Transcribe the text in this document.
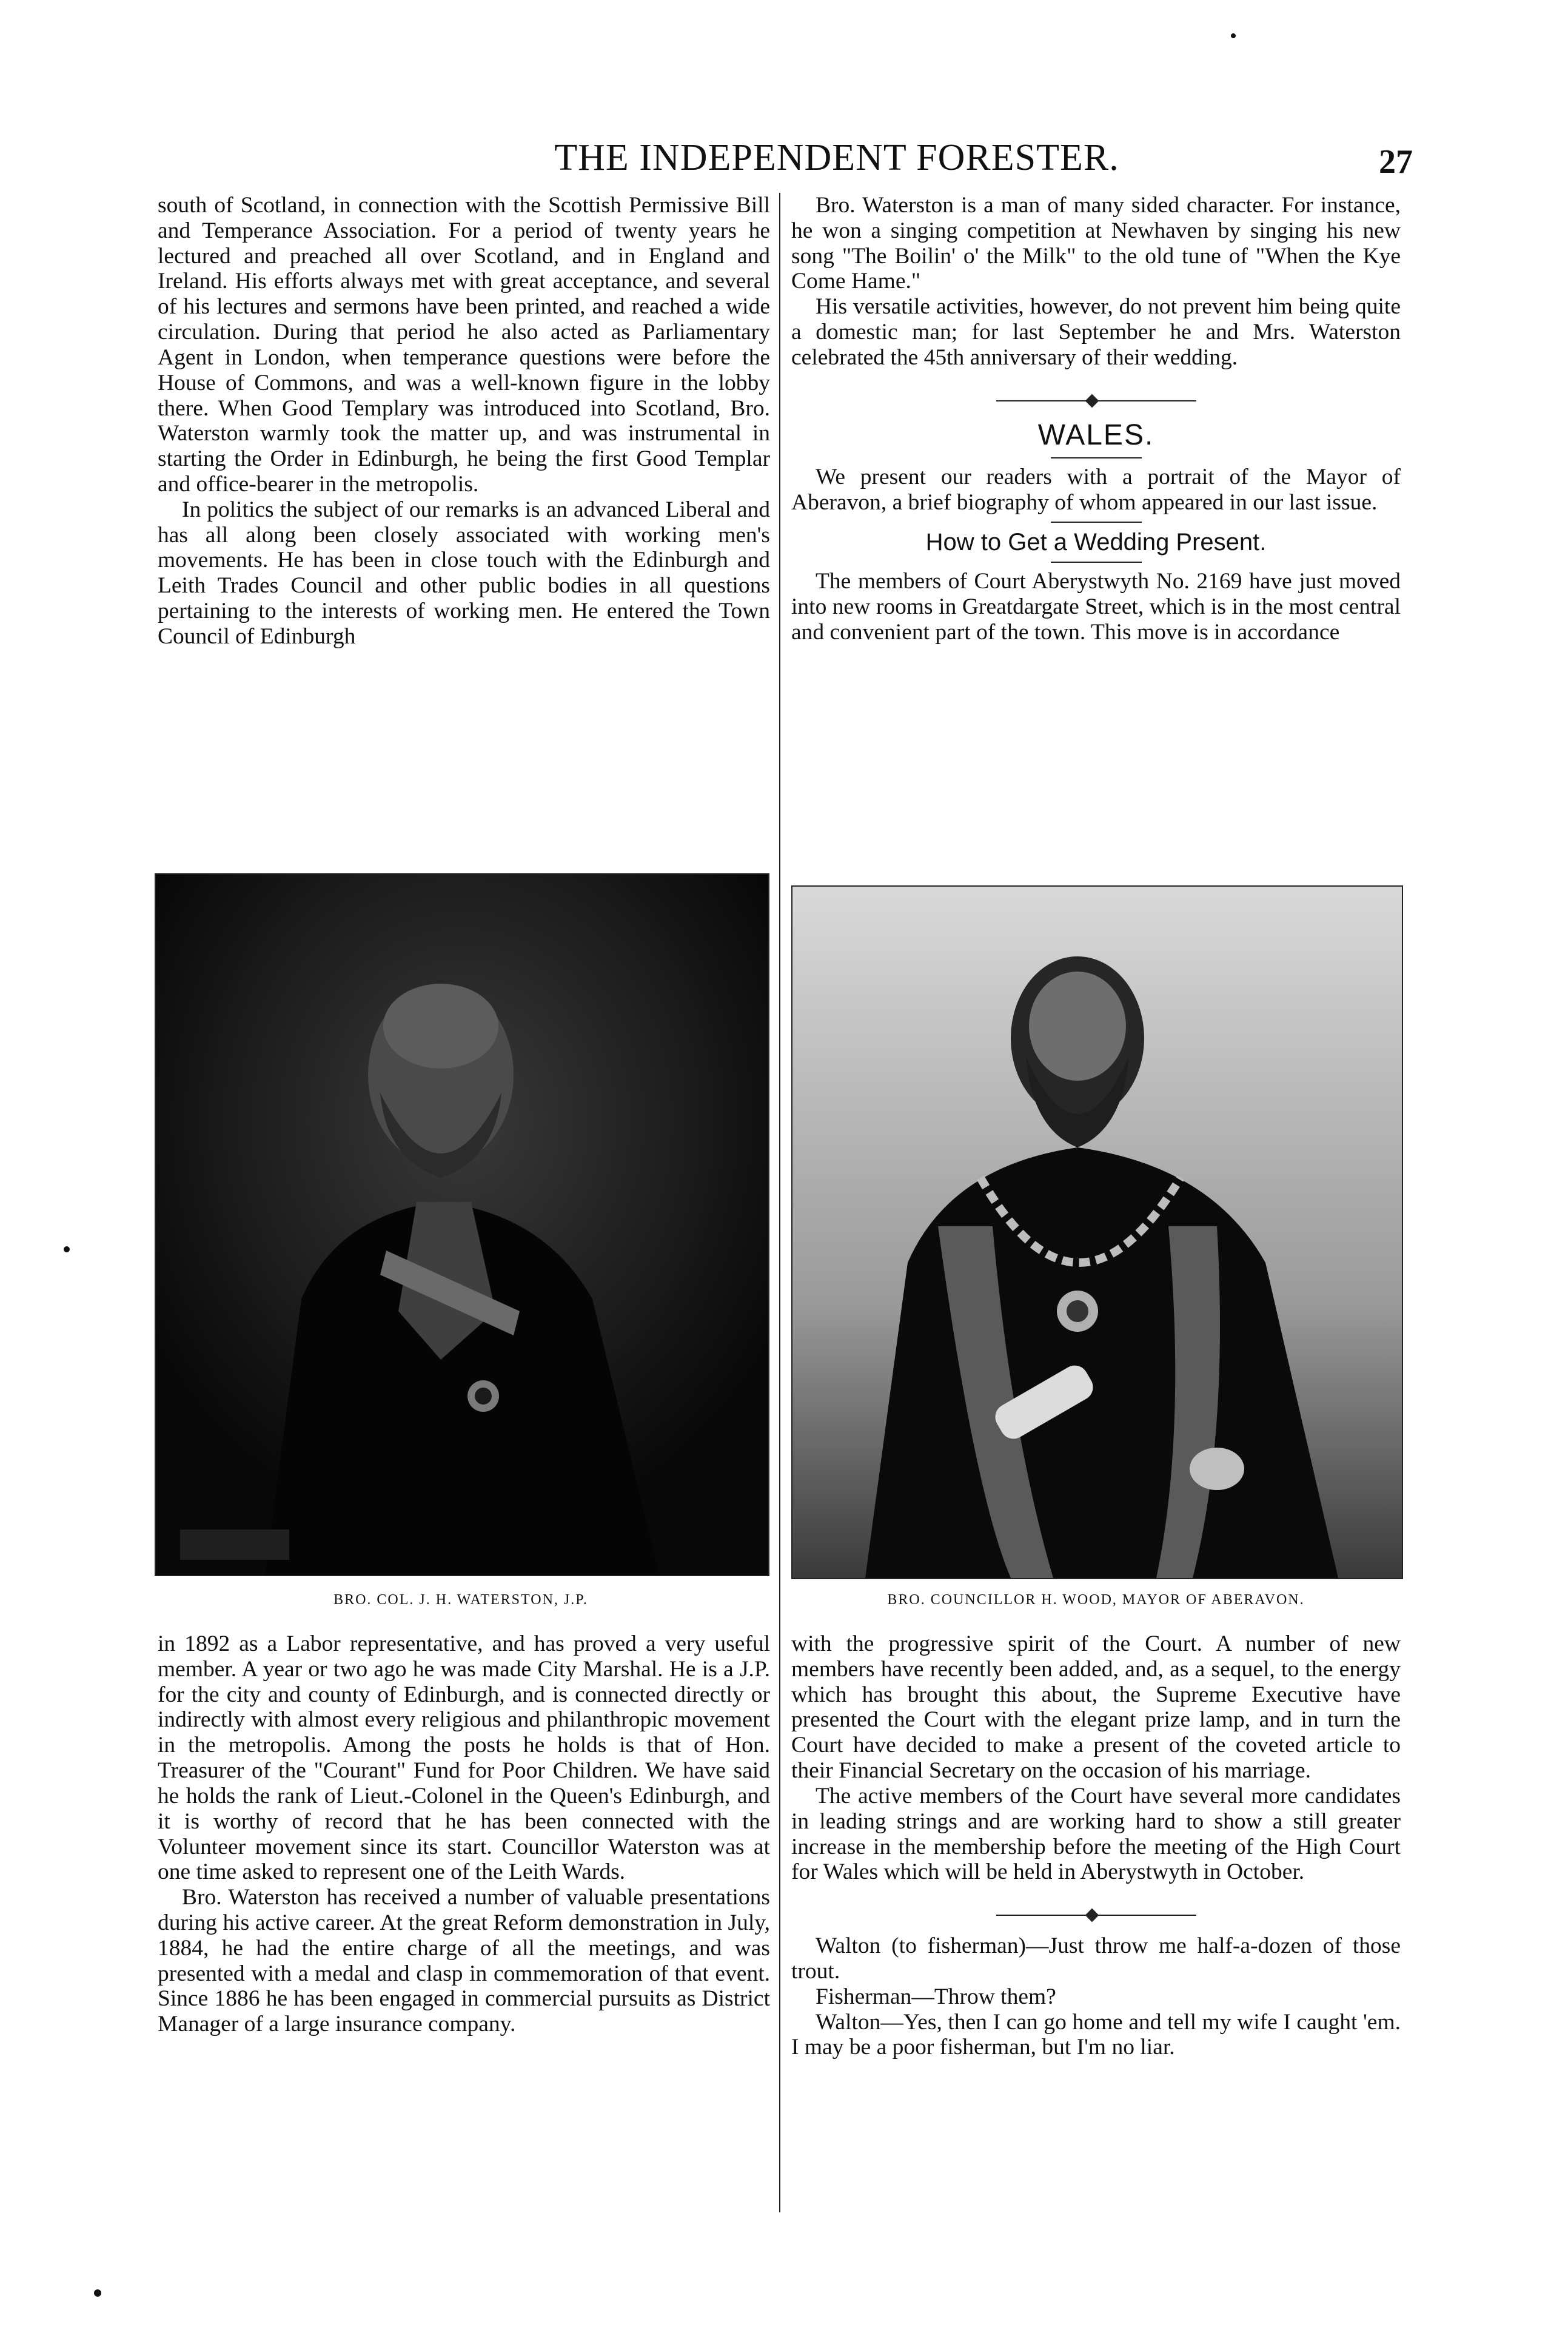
THE INDEPENDENT FORESTER.	27

south of Scotland, in connection with the Scottish Permissive Bill and Temperance Association. For a period of twenty years he lectured and preached all over Scotland, and in England and Ireland. His efforts always met with great acceptance, and several of his lectures and sermons have been printed, and reached a wide circulation. During that period he also acted as Parliamentary Agent in London, when temperance questions were before the House of Commons, and was a well-known figure in the lobby there. When Good Templary was introduced into Scotland, Bro. Waterston warmly took the matter up, and was instrumental in starting the Order in Edinburgh, he being the first Good Templar and office-bearer in the metropolis.

In politics the subject of our remarks is an advanced Liberal and has all along been closely associated with working men's movements. He has been in close touch with the Edinburgh and Leith Trades Council and other public bodies in all questions pertaining to the interests of working men. He entered the Town Council of Edinburgh

Bro. Waterston is a man of many sided character. For instance, he won a singing competition at Newhaven by singing his new song "The Boilin' o' the Milk" to the old tune of "When the Kye Come Hame."

His versatile activities, however, do not prevent him being quite a domestic man; for last September he and Mrs. Waterston celebrated the 45th anniversary of their wedding.

WALES.

We present our readers with a portrait of the Mayor of Aberavon, a brief biography of whom appeared in our last issue.

How to Get a Wedding Present.

The members of Court Aberystwyth No. 2169 have just moved into new rooms in Greatdargate Street, which is in the most central and convenient part of the town. This move is in accordance

BRO. COL. J. H. WATERSTON, J.P.	BRO. COUNCILLOR H. WOOD, MAYOR OF ABERAVON.

in 1892 as a Labor representative, and has proved a very useful member. A year or two ago he was made City Marshal. He is a J.P. for the city and county of Edinburgh, and is connected directly or indirectly with almost every religious and philanthropic movement in the metropolis. Among the posts he holds is that of Hon. Treasurer of the "Courant" Fund for Poor Children. We have said he holds the rank of Lieut.-Colonel in the Queen's Edinburgh, and it is worthy of record that he has been connected with the Volunteer movement since its start. Councillor Waterston was at one time asked to represent one of the Leith Wards.

Bro. Waterston has received a number of valuable presentations during his active career. At the great Reform demonstration in July, 1884, he had the entire charge of all the meetings, and was presented with a medal and clasp in commemoration of that event. Since 1886 he has been engaged in commercial pursuits as District Manager of a large insurance company.

with the progressive spirit of the Court. A number of new members have recently been added, and, as a sequel, to the energy which has brought this about, the Supreme Executive have presented the Court with the elegant prize lamp, and in turn the Court have decided to make a present of the coveted article to their Financial Secretary on the occasion of his marriage.

The active members of the Court have several more candidates in leading strings and are working hard to show a still greater increase in the membership before the meeting of the High Court for Wales which will be held in Aberystwyth in October.

Walton (to fisherman)—Just throw me half-a-dozen of those trout.

Fisherman—Throw them?

Walton—Yes, then I can go home and tell my wife I caught 'em. I may be a poor fisherman, but I'm no liar.
